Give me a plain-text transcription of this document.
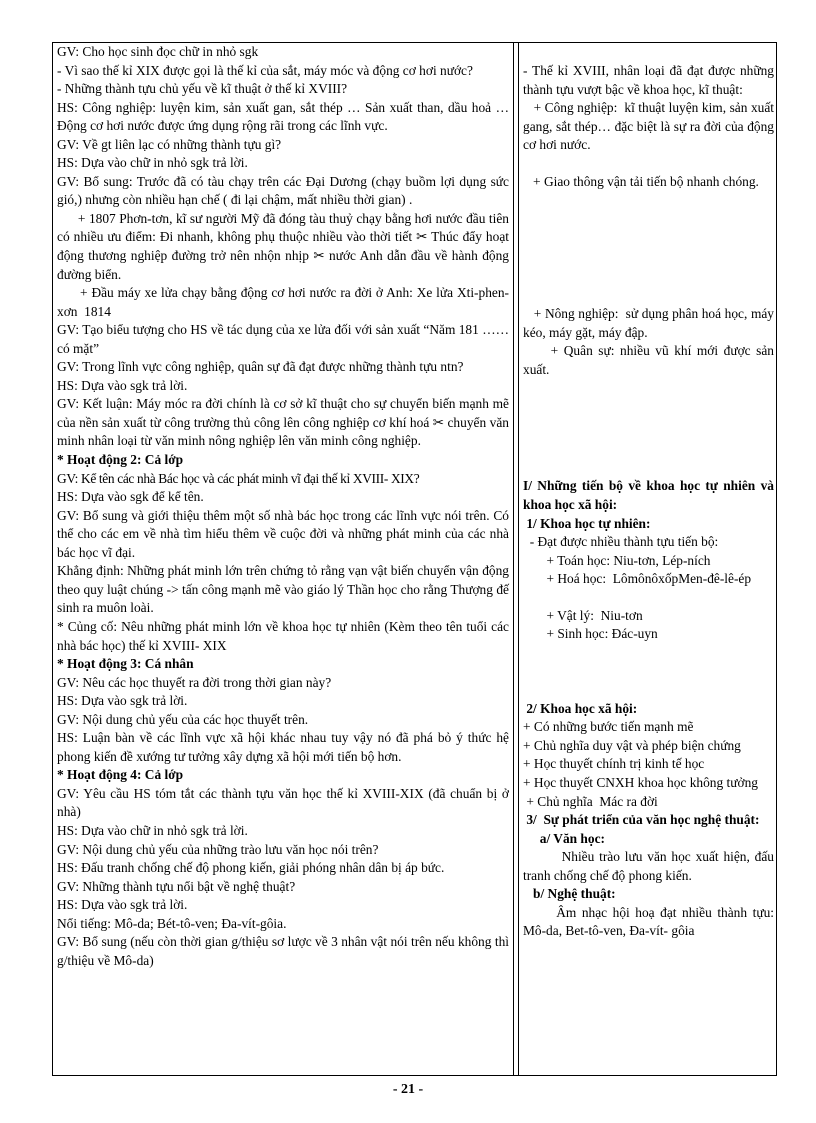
GV: Cho học sinh đọc chữ in nhỏ sgk

- Vì sao thế kỉ XIX được gọi là thế kỉ của sắt, máy móc và động cơ hơi nước?

- Những thành tựu chủ yếu về kĩ thuật ở thế kỉ XVIII?

HS: Công nghiệp: luyện kim, sản xuất gan, sắt thép … Sản xuất than, dầu hoả … Động cơ hơi nước được ứng dụng rộng rãi trong các lĩnh vực.

GV: Về gt liên lạc có những thành tựu gì?

HS: Dựa vào chữ in nhỏ sgk trả lời.

GV: Bổ sung: Trước đã có tàu chạy trên các Đại Dương (chạy buồm lợi dụng sức gió,) nhưng còn nhiều hạn chế ( đi lại chậm, mất nhiều thời gian) .

+ 1807 Phơn-tơn, kĩ sư người Mỹ đã đóng tàu thuỷ chạy bằng hơi nước đầu tiên có nhiều ưu điểm: Đi nhanh, không phụ thuộc nhiều vào thời tiết ✂ Thúc đẩy hoạt động thương nghiệp đường trở nên nhộn nhịp ✂ nước Anh dẫn đầu về hành động đường biển.

+ Đầu máy xe lửa chạy bằng động cơ hơi nước ra đời ở Anh: Xe lửa Xti-phen-xơn  1814

GV: Tạo biểu tượng cho HS về tác dụng của xe lửa đối với sản xuất “Năm 181 …… có mặt”

GV: Trong lĩnh vực công nghiệp, quân sự đã đạt được những thành tựu ntn?

HS: Dựa vào sgk trả lời.

GV: Kết luận: Máy móc ra đời chính là cơ sở kĩ thuật cho sự chuyển biến mạnh mẽ của nền sản xuất từ công trường thủ công lên công nghiệp cơ khí hoá ✂ chuyển văn minh nhân loại từ văn minh nông nghiệp lên văn minh công nghiệp.

* Hoạt động 2: Cả lớp

GV: Kể tên các nhà Bác học và các phát minh vĩ đại thế kỉ XVIII- XIX?

HS: Dựa vào sgk để kể tên.

GV: Bổ sung và giới thiệu thêm một số nhà bác học trong các lĩnh vực nói trên. Có thể cho các em về nhà tìm hiểu thêm về cuộc đời và những phát minh của các nhà bác học vĩ đại.

Khẳng định: Những phát minh lớn trên chứng tỏ rằng vạn vật biến chuyển vận động theo quy luật chúng -> tấn công mạnh mẽ vào giáo lý Thần học cho rằng Thượng đế sinh ra muôn loài.

* Củng cố: Nêu những phát minh lớn về khoa học tự nhiên (Kèm theo tên tuổi các nhà bác học) thế kỉ XVIII- XIX

* Hoạt động 3: Cá nhân

GV: Nêu các học thuyết ra đời trong thời gian này?

HS: Dựa vào sgk trả lời.

GV: Nội dung chủ yếu của các học thuyết trên.

HS: Luận bàn về các lĩnh vực xã hội khác nhau tuy vậy nó đã phá bỏ ý thức hệ phong kiến đề xướng tư tưởng xây dựng xã hội mới tiến bộ hơn.

* Hoạt động 4: Cả lớp

GV: Yêu cầu HS tóm tắt các thành tựu văn học thế kỉ XVIII-XIX (đã chuẩn bị ở nhà)

HS: Dựa vào chữ in nhỏ sgk trả lời.

GV: Nội dung chủ yếu của những trào lưu văn học nói trên?

HS: Đấu tranh chống chế độ phong kiến, giải phóng nhân dân bị áp bức.

GV: Những thành tựu nổi bật về nghệ thuật?

HS: Dựa vào sgk trả lời.

Nổi tiếng: Mô-da; Bét-tô-ven; Đa-vít-gôia.

GV: Bổ sung (nếu còn thời gian g/thiệu sơ lược về 3 nhân vật nói trên nếu không thì g/thiệu về Mô-da)

- Thế kỉ XVIII, nhân loại đã đạt được những thành tựu vượt bậc về khoa học, kĩ thuật:

+ Công nghiệp:  kĩ thuật luyện kim, sản xuất gang, sắt thép… đặc biệt là sự ra đời của động cơ hơi nước.

+ Giao thông vận tải tiến bộ nhanh chóng.

+ Nông nghiệp:  sử dụng phân hoá học, máy kéo, máy gặt, máy đập.

+ Quân sự: nhiều vũ khí mới được sản xuất.

I/ Những tiến bộ về khoa học tự nhiên và khoa học xã hội:

1/ Khoa học tự nhiên:

- Đạt được nhiều thành tựu tiến bộ:

+ Toán học: Niu-tơn, Lép-ních

+ Hoá học:  LômônôxốpMen-đê-lê-ép

+ Vật lý:  Niu-tơn

+ Sinh học: Đác-uyn

2/ Khoa học xã hội:

+ Có những bước tiến mạnh mẽ

+ Chủ nghĩa duy vật và phép biện chứng

+ Học thuyết chính trị kinh tế học

+ Học thuyết CNXH khoa học không tưởng

+ Chủ nghĩa  Mác ra đời

3/  Sự phát triển của văn học nghệ thuật:

a/ Văn học:

Nhiều trào lưu văn học xuất hiện, đấu tranh chống chế độ phong kiến.

b/ Nghệ thuật:

Âm nhạc hội hoạ đạt nhiều thành tựu:  Mô-da, Bet-tô-ven, Đa-vít- gôia

- 21 -
